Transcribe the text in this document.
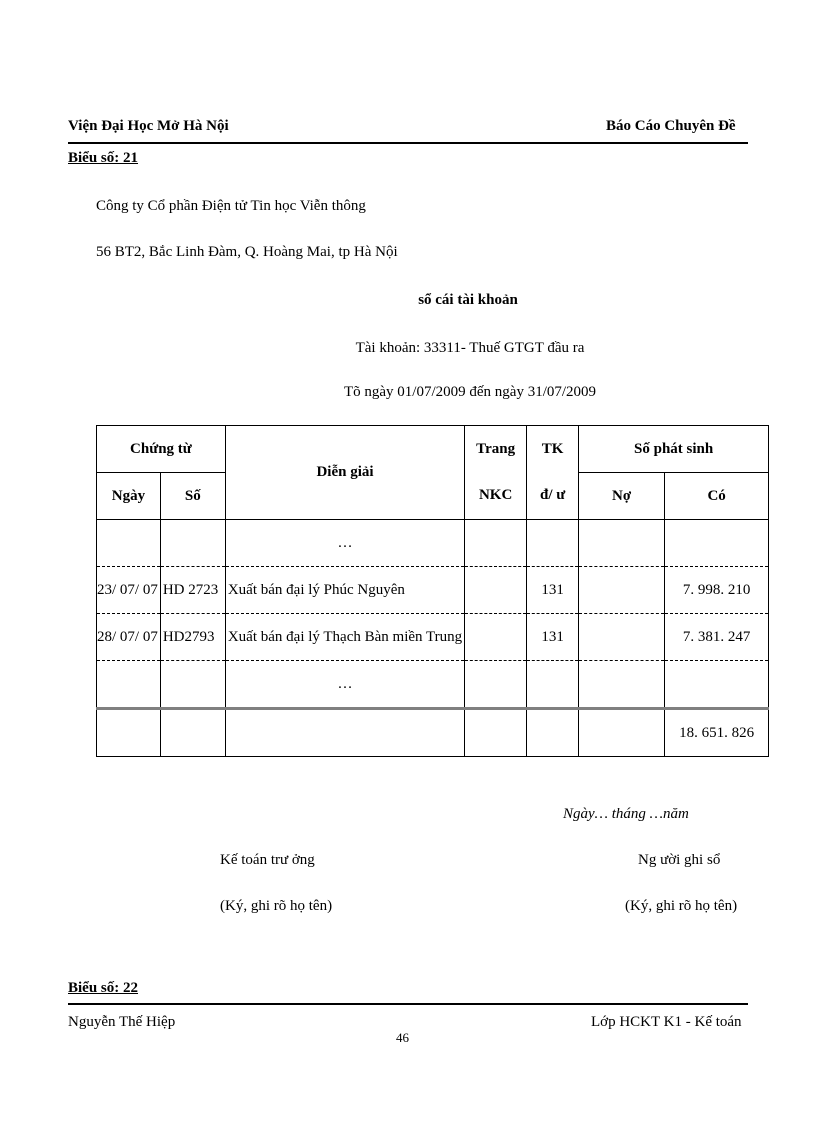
Viện Đại Học Mở Hà Nội	Báo Cáo Chuyên Đề
Biểu số: 21
Công ty Cổ phần Điện tử Tin học Viễn thông
56 BT2, Bắc Linh Đàm, Q. Hoàng Mai, tp Hà Nội
sổ cái tài khoản
Tài khoản: 33311- Thuế GTGT đầu ra
Tõ ngày 01/07/2009 đến ngày 31/07/2009
Chứng từ		Diễn giải	Trang	TK	Số phát sinh	
Ngày	Số		NKC	đ/ ư	Nợ	Có
		…				
23/ 07/ 07	HD 2723	Xuất bán đại lý Phúc Nguyên		131		7. 998. 210
28/ 07/ 07	HD2793	Xuất bán đại lý Thạch Bàn miền Trung		131		7. 381. 247
		…				
						18. 651. 826
Ngày… tháng …năm
Kế toán trư ởng	Ng ười ghi sổ
(Ký, ghi rõ họ tên)	(Ký, ghi rõ họ tên)
Biểu số: 22
Nguyễn Thế Hiệp
46
Lớp HCKT K1 - Kế toán
